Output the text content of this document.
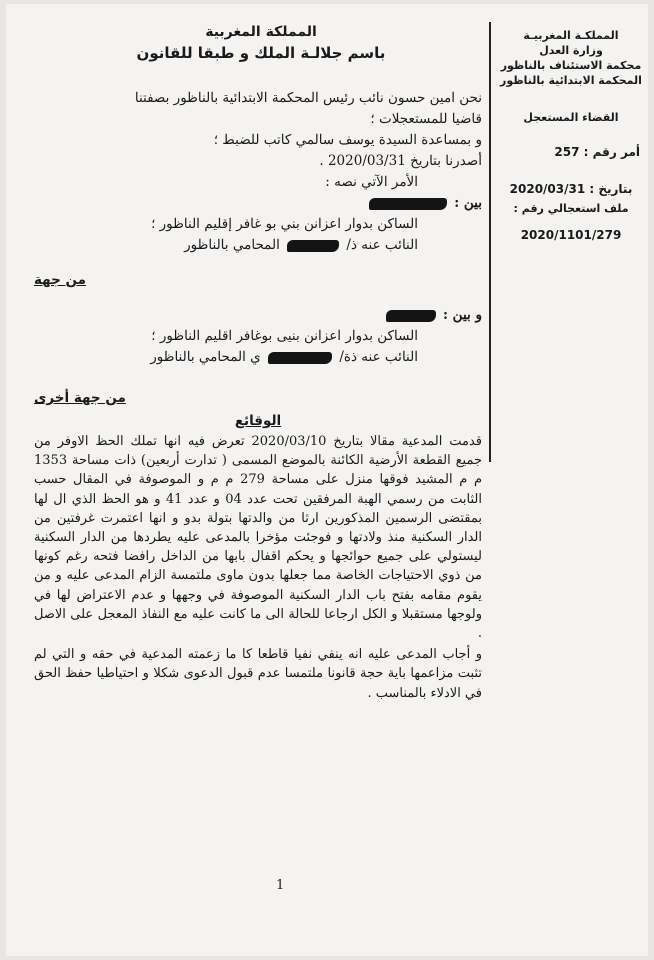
المملكـة المغربيـة
وزارة العدل
محكمة الاستئناف بالناظور
المحكمة الابتدائية بالناظور
القضاء المستعجل
أمر رقم : 257
بتاريخ : 2020/03/31
ملف استعجالي رقم :
2020/1101/279
المملكة المغربية
باسم جلالـة الملك و طبقا للقانون

نحن امين حسون نائب رئيس المحكمة الابتدائية بالناظور بصفتنا

قاضيا للمستعجلات ؛

و بمساعدة السيدة يوسف سالمي كاتب للضبط ؛

أصدرنا بتاريخ 2020/03/31 .

الأمر الآتي نصه :

بين :

الساكن بدوار اعزانن بني بو غافر إقليم الناظور ؛

النائب عنه ذ/  المحامي بالناظور

من جهة

و بين :

الساكن بدوار اعزانن بنيى بوغافر اقليم الناظور ؛

النائب عنه ذة/  ي المحامي بالناظور

من جهة أخرى

الوقائع

قدمت المدعية مقالا بتاريخ 2020/03/10 تعرض فيه انها تملك الحظ الاوفر من جميع القطعة الأرضية الكائنة بالموضع المسمى ( تدارت أربعين) ذات مساحة 1353 م م المشيد فوقها منزل على مساحة 279 م م و الموصوفة في المقال حسب الثابت من رسمي الهبة المرفقين تحت عدد 04 و عدد 41 و هو الحظ الذي ال لها بمقتضى الرسمين المذكورين ارثا من والدتها بتولة بدو و انها اعتمرت غرفتين من الدار السكنية منذ ولادتها و فوجئت مؤخرا بالمدعى عليه يطردها من الدار السكنية ليستولي على جميع حوائجها و يحكم اقفال بابها من الداخل رافضا فتحه رغم كونها من ذوي الاحتياجات الخاصة مما جعلها بدون ماوى ملتمسة الزام المدعى عليه و من يقوم مقامه بفتح باب الدار السكنية الموصوفة في وجهها و عدم الاعتراض لها في ولوجها مستقبلا و الكل ارجاعا للحالة الى ما كانت عليه مع النفاذ المعجل على الاصل .

و أجاب المدعى عليه انه ينفي نفيا قاطعا كا ما زعمته المدعية في حقه و التي لم تثبت مزاعمها باية حجة قانونا ملتمسا عدم قبول الدعوى شكلا و احتياطيا حفظ الحق في الادلاء بالمناسب .

1
